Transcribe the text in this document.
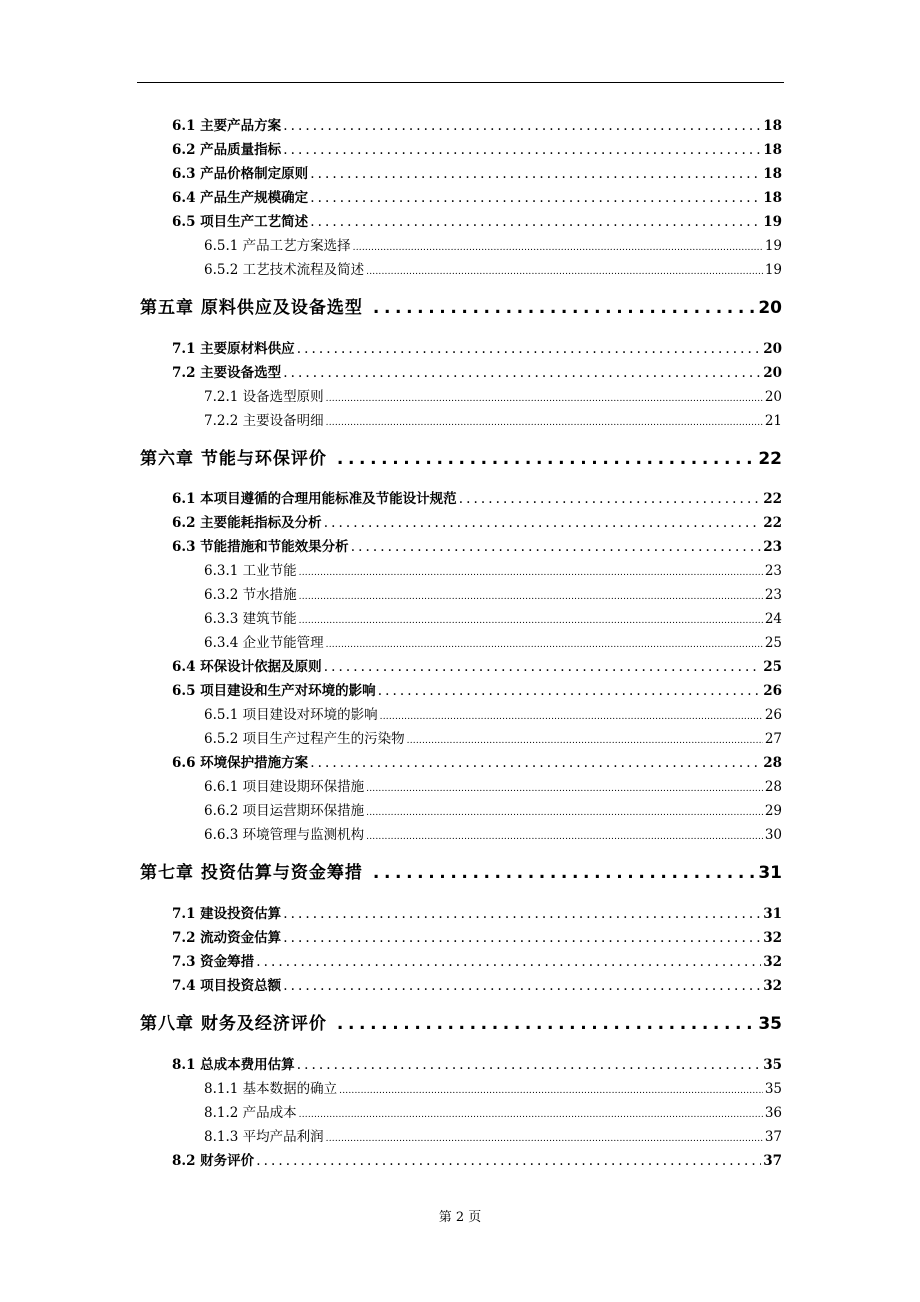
6.1 主要产品方案 .....	18
6.2 产品质量指标 .....	18
6.3 产品价格制定原则 .....	18
6.4 产品生产规模确定 .....	18
6.5 项目生产工艺简述 .....	19
6.5.1 产品工艺方案选择 .....	19
6.5.2 工艺技术流程及简述 .....	19
第五章 原料供应及设备选型 .....	20
7.1 主要原材料供应 .....	20
7.2 主要设备选型 .....	20
7.2.1 设备选型原则 .....	20
7.2.2 主要设备明细 .....	21
第六章 节能与环保评价 .....	22
6.1 本项目遵循的合理用能标准及节能设计规范 .....	22
6.2 主要能耗指标及分析 .....	22
6.3 节能措施和节能效果分析 .....	23
6.3.1 工业节能 .....	23
6.3.2 节水措施 .....	23
6.3.3 建筑节能 .....	24
6.3.4 企业节能管理 .....	25
6.4 环保设计依据及原则 .....	25
6.5 项目建设和生产对环境的影响 .....	26
6.5.1 项目建设对环境的影响 .....	26
6.5.2 项目生产过程产生的污染物 .....	27
6.6 环境保护措施方案 .....	28
6.6.1 项目建设期环保措施 .....	28
6.6.2 项目运营期环保措施 .....	29
6.6.3 环境管理与监测机构 .....	30
第七章 投资估算与资金筹措 .....	31
7.1 建设投资估算 .....	31
7.2 流动资金估算 .....	32
7.3 资金筹措 .....	32
7.4 项目投资总额 .....	32
第八章 财务及经济评价 .....	35
8.1 总成本费用估算 .....	35
8.1.1 基本数据的确立 .....	35
8.1.2 产品成本 .....	36
8.1.3 平均产品利润 .....	37
8.2 财务评价 .....	37
第 2 页
